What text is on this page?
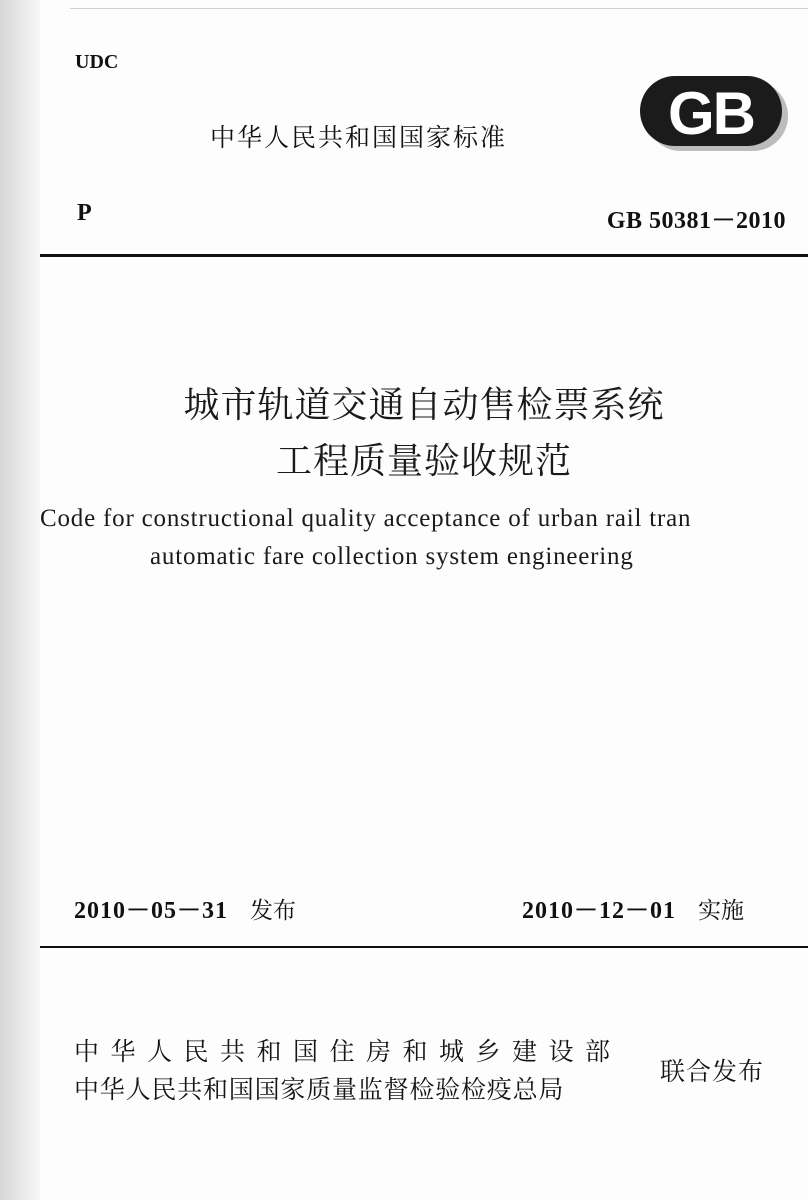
UDC
中华人民共和国国家标准	GB
P	GB 50381－2010
城市轨道交通自动售检票系统
工程质量验收规范
Code for constructional quality acceptance of urban rail tran
automatic fare collection system engineering
2010－05－31 发布	2010－12－01 实施
中华人民共和国住房和城乡建设部
中华人民共和国国家质量监督检验检疫总局
联合发布
